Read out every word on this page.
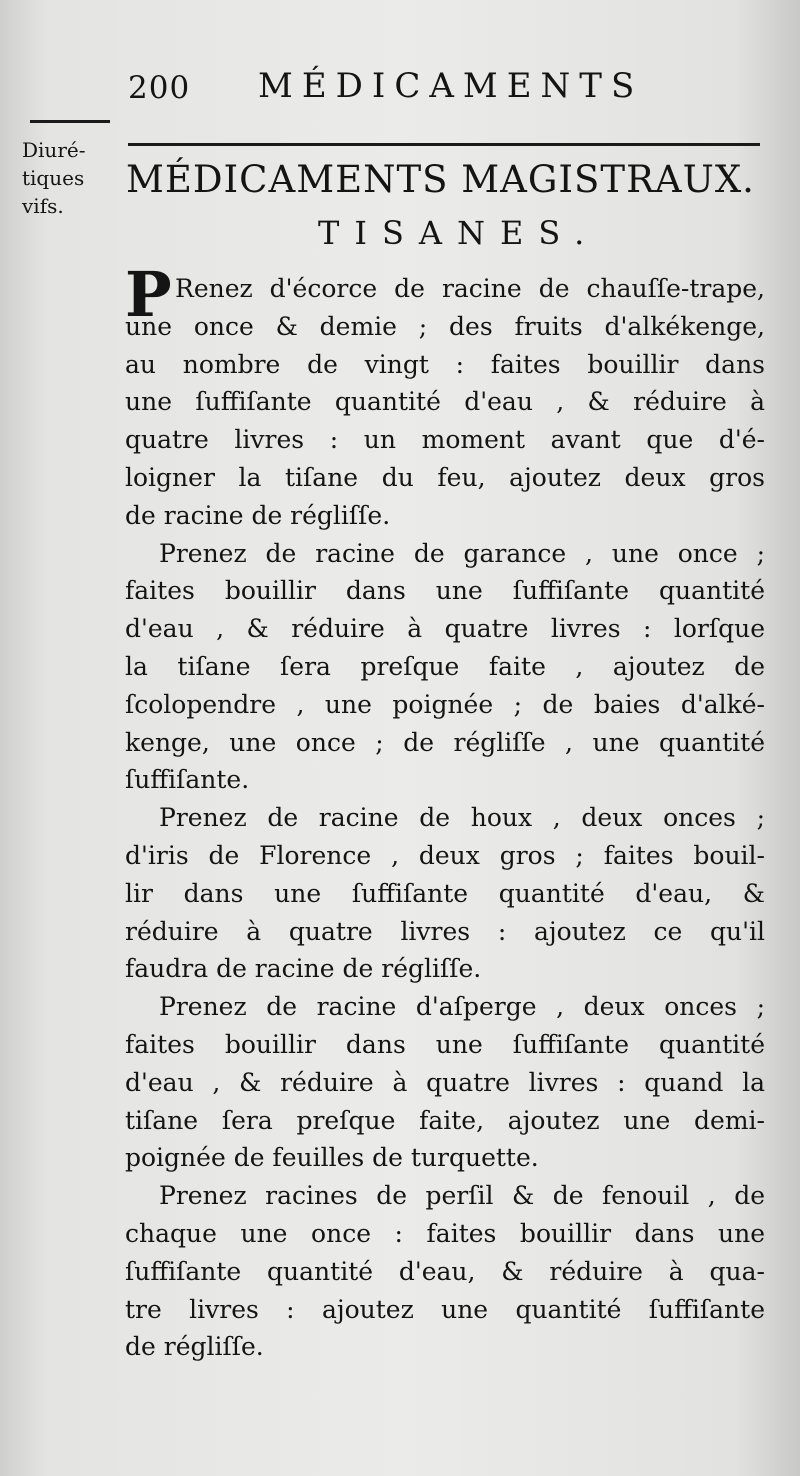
200 MÉDICAMENTS
Diuré-
tiques
vifs.
MÉDICAMENTS MAGISTRAUX.
TISANES.
P Renez d'écorce de racine de chauſſe-trape,
une once & demie ; des fruits d'alkékenge,
au nombre de vingt : faites bouillir dans
une ſuffiſante quantité d'eau , & réduire à
quatre livres : un moment avant que d'é-
loigner la tiſane du feu, ajoutez deux gros
de racine de régliſſe.
Prenez de racine de garance , une once ;
faites bouillir dans une ſuffiſante quantité
d'eau , & réduire à quatre livres : lorſque
la tiſane ſera preſque faite , ajoutez de
ſcolopendre , une poignée ; de baies d'alké-
kenge, une once ; de régliſſe , une quantité
ſuffiſante.
Prenez de racine de houx , deux onces ;
d'iris de Florence , deux gros ; faites bouil-
lir dans une ſuffiſante quantité d'eau, &
réduire à quatre livres : ajoutez ce qu'il
faudra de racine de régliſſe.
Prenez de racine d'aſperge , deux onces ;
faites bouillir dans une ſuffiſante quantité
d'eau , & réduire à quatre livres : quand la
tiſane ſera preſque faite, ajoutez une demi-
poignée de feuilles de turquette.
Prenez racines de perſil & de fenouil , de
chaque une once : faites bouillir dans une
ſuffiſante quantité d'eau, & réduire à qua-
tre livres : ajoutez une quantité ſuffiſante
de régliſſe.
